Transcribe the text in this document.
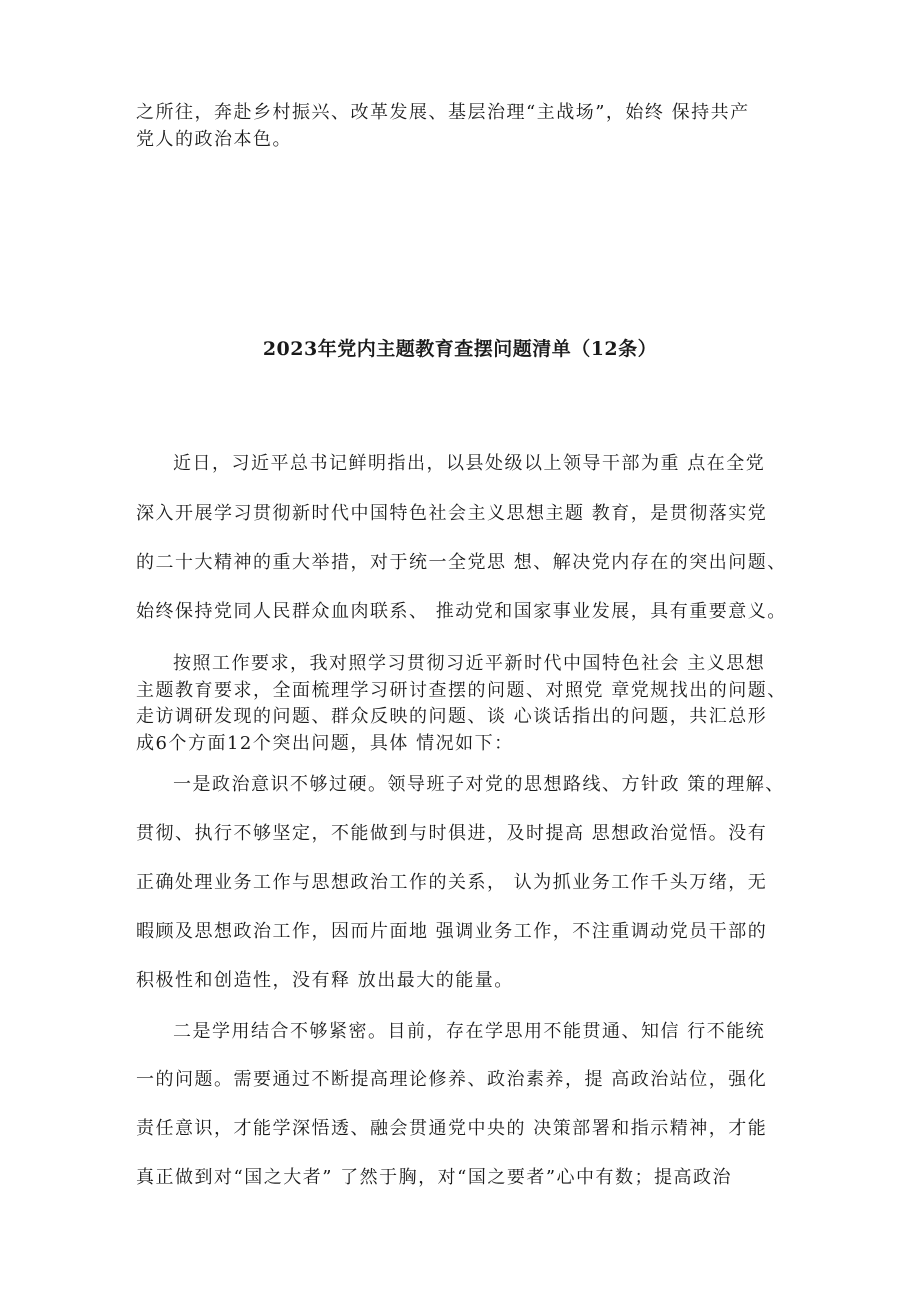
之所往，奔赴乡村振兴、改革发展、基层治理“主战场”，始终 保持共产

党人的政治本色。

2023年党内主题教育查摆问题清单（12条）

近日，习近平总书记鲜明指出，以县处级以上领导干部为重 点在全党

深入开展学习贯彻新时代中国特色社会主义思想主题 教育，是贯彻落实党

的二十大精神的重大举措，对于统一全党思 想、解决党内存在的突出问题、

始终保持党同人民群众血肉联系、 推动党和国家事业发展，具有重要意义。

按照工作要求，我对照学习贯彻习近平新时代中国特色社会 主义思想

主题教育要求，全面梳理学习研讨查摆的问题、对照党 章党规找出的问题、

走访调研发现的问题、群众反映的问题、谈 心谈话指出的问题，共汇总形

成6个方面12个突出问题，具体 情况如下：

一是政治意识不够过硬。领导班子对党的思想路线、方针政 策的理解、

贯彻、执行不够坚定，不能做到与时俱进，及时提高 思想政治觉悟。没有

正确处理业务工作与思想政治工作的关系， 认为抓业务工作千头万绪，无

暇顾及思想政治工作，因而片面地 强调业务工作，不注重调动党员干部的

积极性和创造性，没有释 放出最大的能量。

二是学用结合不够紧密。目前，存在学思用不能贯通、知信 行不能统

一的问题。需要通过不断提高理论修养、政治素养，提 高政治站位，强化

责任意识，才能学深悟透、融会贯通党中央的 决策部署和指示精神，才能

真正做到对“国之大者” 了然于胸，对“国之要者”心中有数；提高政治
